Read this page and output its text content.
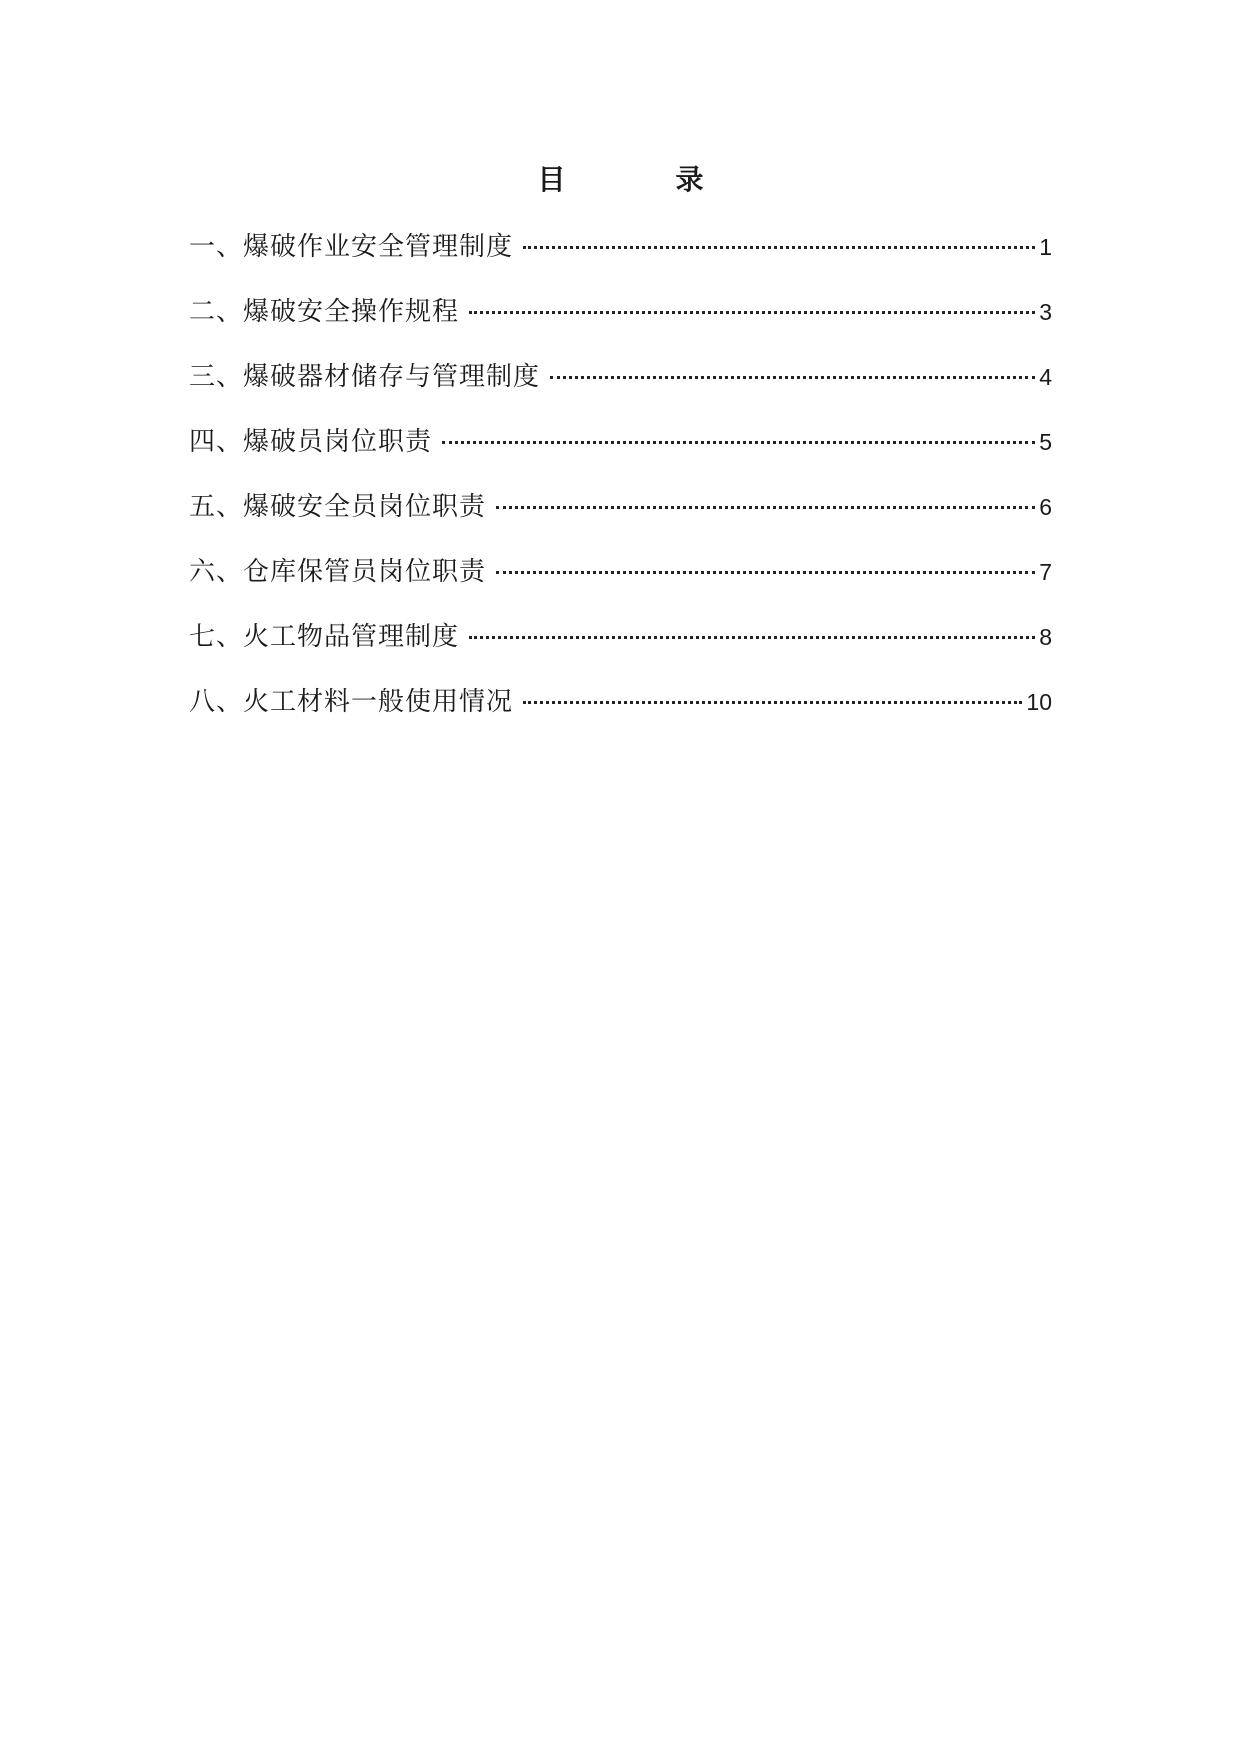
目	录
一、爆破作业安全管理制度	1
二、爆破安全操作规程	3
三、爆破器材储存与管理制度	4
四、爆破员岗位职责	5
五、爆破安全员岗位职责	6
六、仓库保管员岗位职责	7
七、火工物品管理制度	8
八、火工材料一般使用情况	10
